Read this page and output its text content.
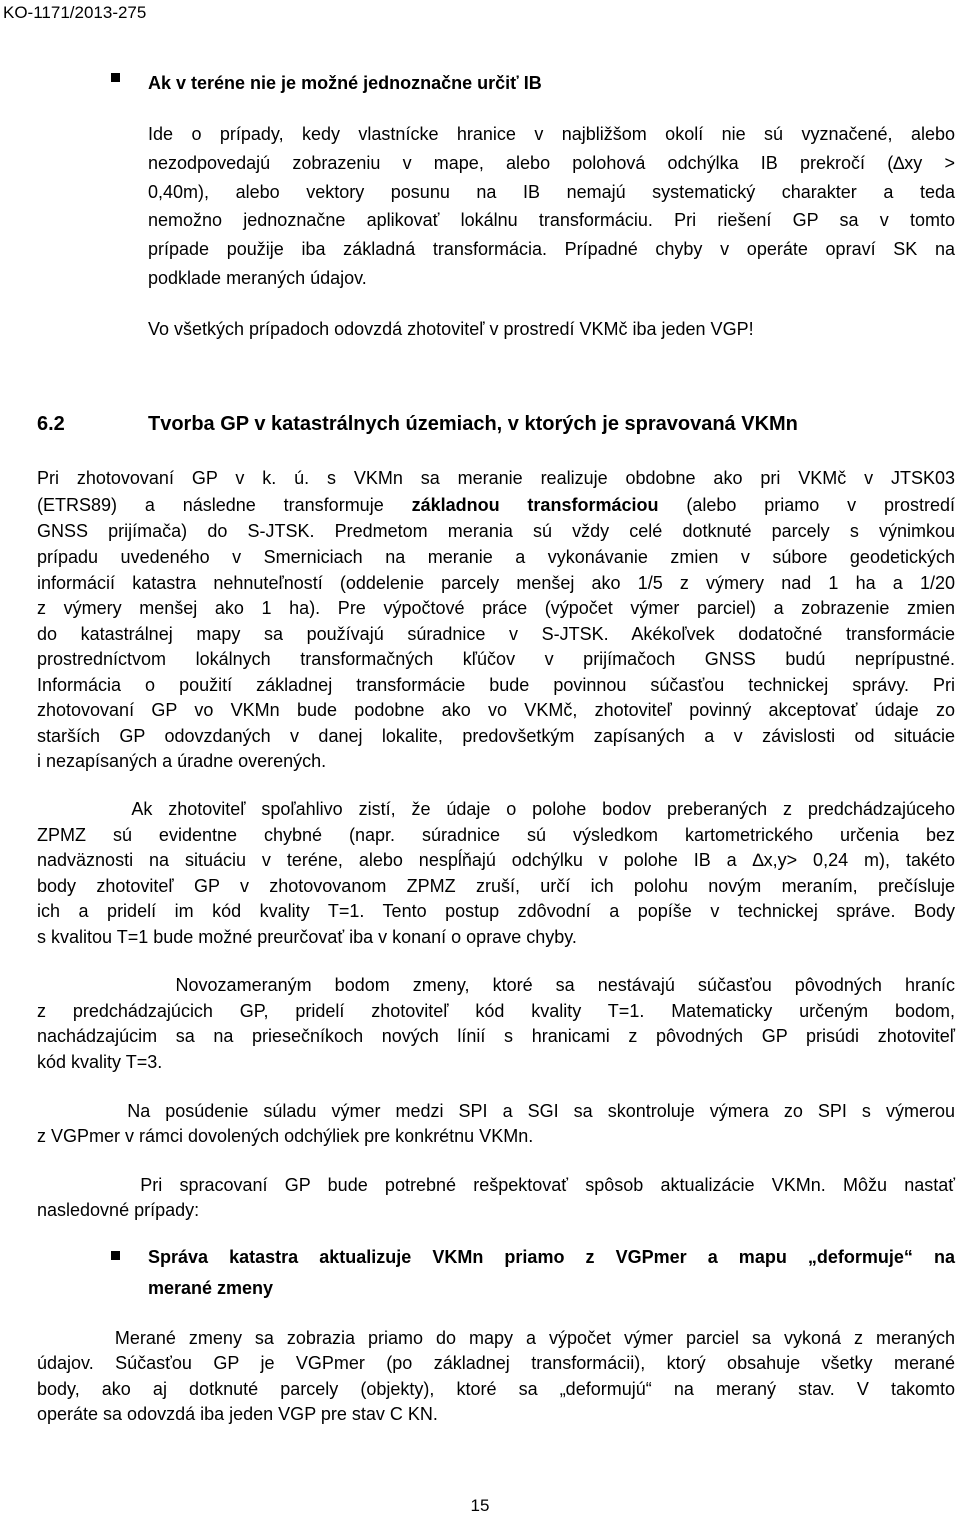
KO-1171/2013-275
Ak v teréne nie je možné jednoznačne určiť IB
Ide o prípady, kedy vlastnícke hranice v najbližšom okolí nie sú vyznačené, alebo
nezodpovedajú zobrazeniu v mape, alebo polohová odchýlka IB prekročí (∆xy >
0,40m), alebo vektory posunu na IB nemajú systematický charakter a teda
nemožno jednoznačne aplikovať lokálnu transformáciu. Pri riešení GP sa v tomto
prípade použije iba základná transformácia. Prípadné chyby v operáte opraví SK na
podklade meraných údajov.
Vo všetkých prípadoch odovzdá zhotoviteľ v prostredí VKMč iba jeden VGP!
6.2	Tvorba GP v katastrálnych územiach, v ktorých je spravovaná VKMn
Pri zhotovovaní GP v k. ú. s VKMn sa meranie realizuje obdobne ako pri VKMč v JTSK03
(ETRS89) a následne transformuje základnou transformáciou (alebo priamo v prostredí
GNSS prijímača) do S-JTSK. Predmetom merania sú vždy celé dotknuté parcely s výnimkou
prípadu uvedeného v Smerniciach na meranie a vykonávanie zmien v súbore geodetických
informácií katastra nehnuteľností (oddelenie parcely menšej ako 1/5 z výmery nad 1 ha a 1/20
z výmery menšej ako 1 ha). Pre výpočtové práce (výpočet výmer parciel) a zobrazenie zmien
do katastrálnej mapy sa používajú súradnice v S-JTSK. Akékoľvek dodatočné transformácie
prostredníctvom lokálnych transformačných kľúčov v prijímačoch GNSS budú neprípustné.
Informácia o použití základnej transformácie bude povinnou súčasťou technickej správy. Pri
zhotovovaní GP vo VKMn bude podobne ako vo VKMč, zhotoviteľ povinný akceptovať údaje zo
starších GP odovzdaných v danej lokalite, predovšetkým zapísaných a v závislosti od situácie
i nezapísaných a úradne overených.
Ak zhotoviteľ spoľahlivo zistí, že údaje o polohe bodov preberaných z predchádzajúceho
ZPMZ sú evidentne chybné (napr. súradnice sú výsledkom kartometrického určenia bez
nadväznosti na situáciu v teréne, alebo nespĺňajú odchýlku v polohe IB a ∆x,y> 0,24 m), takéto
body zhotoviteľ GP v zhotovovanom ZPMZ zruší, určí ich polohu novým meraním, prečísluje
ich a pridelí im kód kvality T=1. Tento postup zdôvodní a popíše v technickej správe. Body
s kvalitou T=1 bude možné preurčovať iba v konaní o oprave chyby.
Novozameraným bodom zmeny, ktoré sa nestávajú súčasťou pôvodných hraníc
z predchádzajúcich GP, pridelí zhotoviteľ kód kvality T=1. Matematicky určeným bodom,
nachádzajúcim sa na priesečníkoch nových línií s hranicami z pôvodných GP prisúdi zhotoviteľ
kód kvality T=3.
Na posúdenie súladu výmer medzi SPI a SGI sa skontroluje výmera zo SPI s výmerou
z VGPmer v rámci dovolených odchýliek pre konkrétnu VKMn.
Pri spracovaní GP bude potrebné rešpektovať spôsob aktualizácie VKMn. Môžu nastať
nasledovné prípady:
Správa katastra aktualizuje VKMn priamo z VGPmer a mapu „deformuje“ na
merané zmeny
Merané zmeny sa zobrazia priamo do mapy a výpočet výmer parciel sa vykoná z meraných
údajov. Súčasťou GP je VGPmer (po základnej transformácii), ktorý obsahuje všetky merané
body, ako aj dotknuté parcely (objekty), ktoré sa „deformujú“ na meraný stav. V takomto
operáte sa odovzdá iba jeden VGP pre stav C KN.
15
